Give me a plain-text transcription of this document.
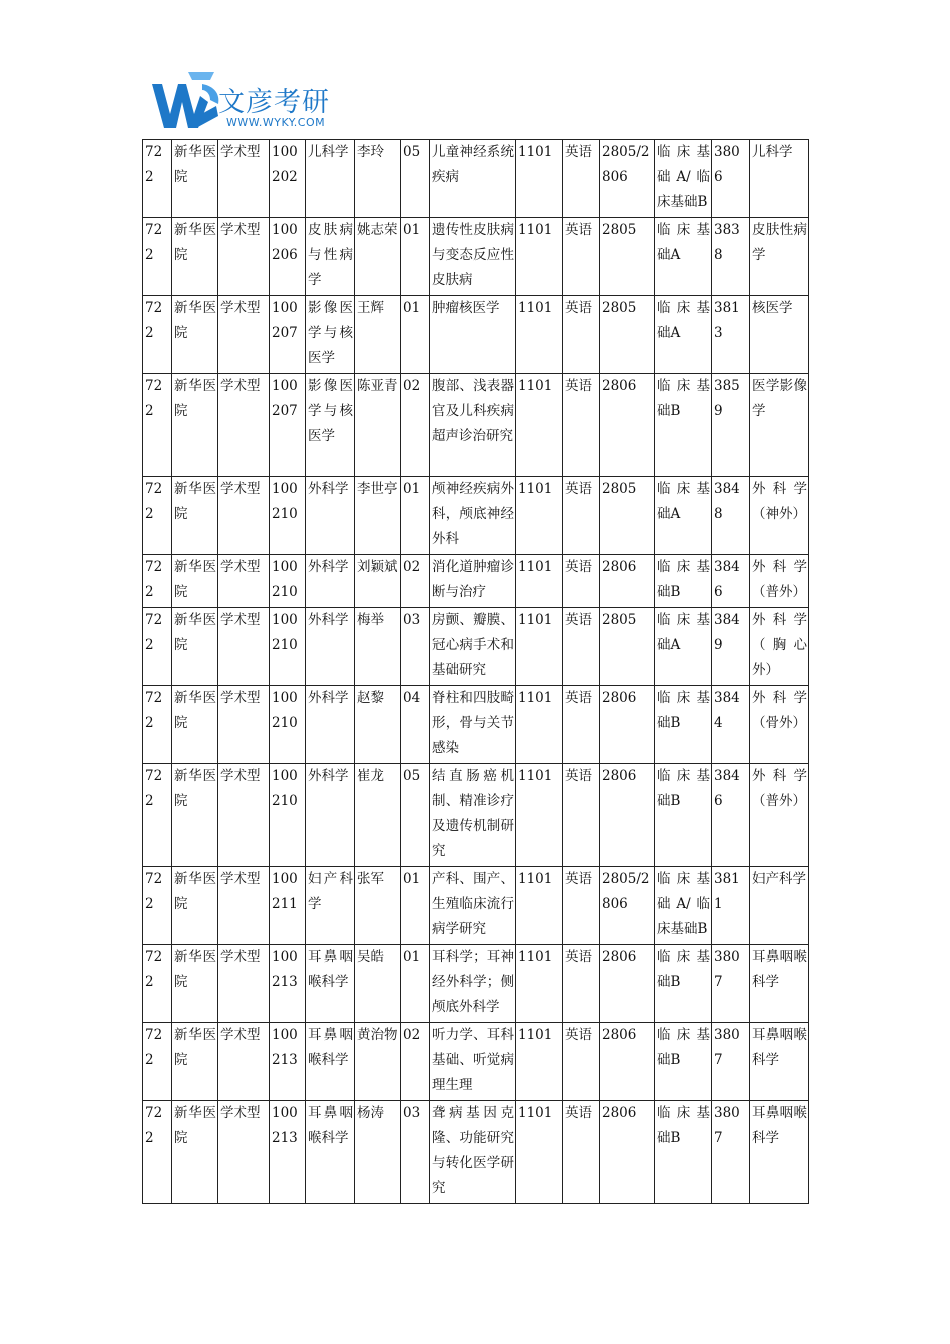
文彦考研
WWW.WYKY.COM
722	新华医院	学术型	100202	儿科学	李玲	05	儿童神经系统疾病	1101	英语	2805/2806	临床基础A/临床基础B	3806	儿科学
722	新华医院	学术型	100206	皮肤病与性病学	姚志荣	01	遗传性皮肤病与变态反应性皮肤病	1101	英语	2805	临床基础A	3838	皮肤性病学
722	新华医院	学术型	100207	影像医学与核医学	王辉	01	肿瘤核医学	1101	英语	2805	临床基础A	3813	核医学
722	新华医院	学术型	100207	影像医学与核医学	陈亚青	02	腹部、浅表器官及儿科疾病超声诊治研究	1101	英语	2806	临床基础B	3859	医学影像学
722	新华医院	学术型	100210	外科学	李世亭	01	颅神经疾病外科，颅底神经外科	1101	英语	2805	临床基础A	3848	外科学（神外）
722	新华医院	学术型	100210	外科学	刘颖斌	02	消化道肿瘤诊断与治疗	1101	英语	2806	临床基础B	3846	外科学（普外）
722	新华医院	学术型	100210	外科学	梅举	03	房颤、瓣膜、冠心病手术和基础研究	1101	英语	2805	临床基础A	3849	外科学（胸心外）
722	新华医院	学术型	100210	外科学	赵黎	04	脊柱和四肢畸形，骨与关节感染	1101	英语	2806	临床基础B	3844	外科学（骨外）
722	新华医院	学术型	100210	外科学	崔龙	05	结直肠癌机制、精准诊疗及遗传机制研究	1101	英语	2806	临床基础B	3846	外科学（普外）
722	新华医院	学术型	100211	妇产科学	张军	01	产科、围产、生殖临床流行病学研究	1101	英语	2805/2806	临床基础A/临床基础B	3811	妇产科学
722	新华医院	学术型	100213	耳鼻咽喉科学	吴皓	01	耳科学；耳神经外科学；侧颅底外科学	1101	英语	2806	临床基础B	3807	耳鼻咽喉科学
722	新华医院	学术型	100213	耳鼻咽喉科学	黄治物	02	听力学、耳科基础、听觉病理生理	1101	英语	2806	临床基础B	3807	耳鼻咽喉科学
722	新华医院	学术型	100213	耳鼻咽喉科学	杨涛	03	聋病基因克隆、功能研究与转化医学研究	1101	英语	2806	临床基础B	3807	耳鼻咽喉科学
